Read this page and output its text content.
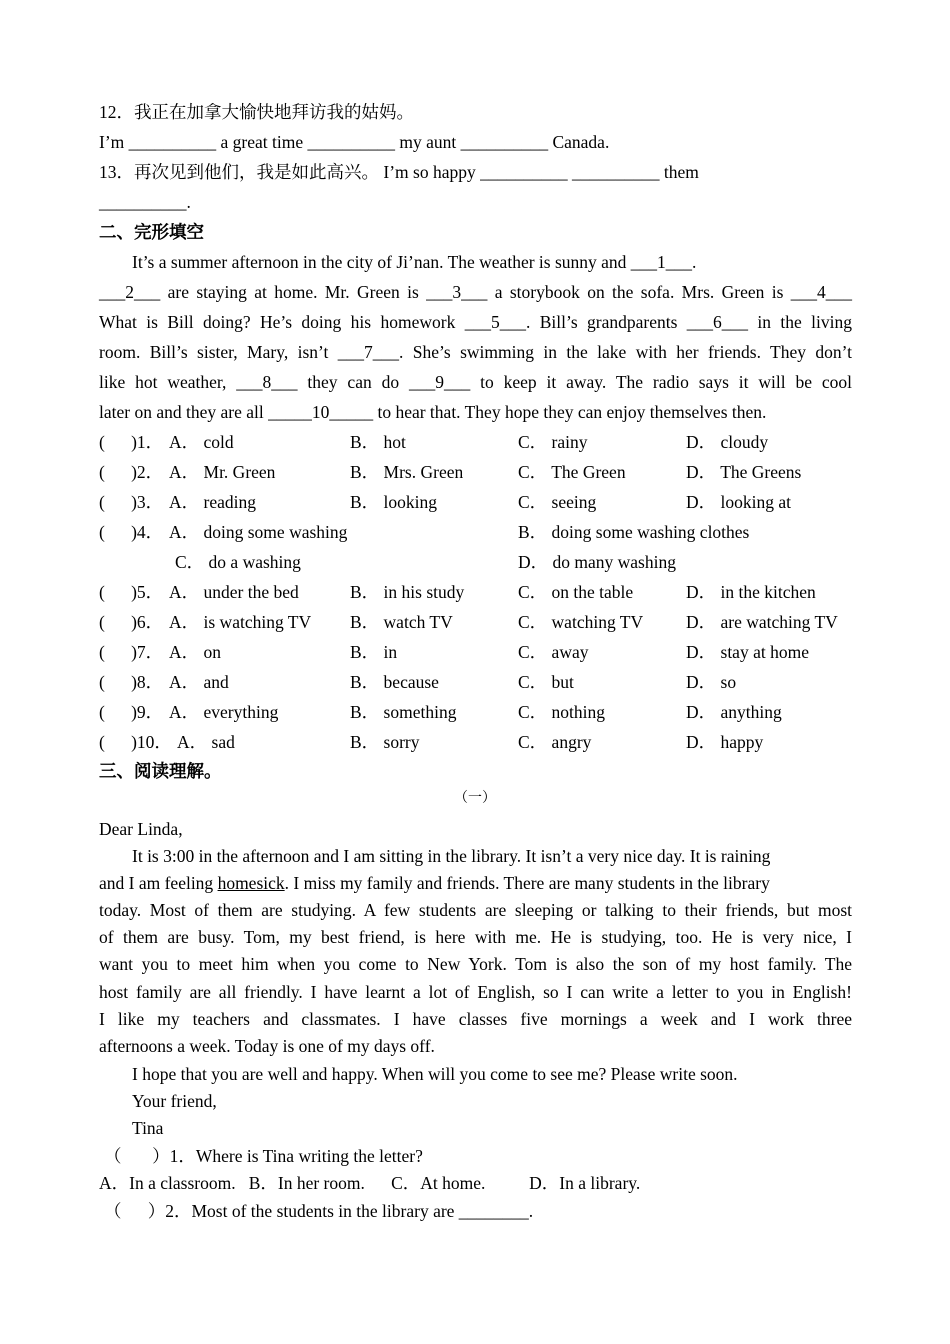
12．我正在加拿大愉快地拜访我的姑妈。
I’m __________ a great time __________ my aunt __________ Canada.
13．再次见到他们，我是如此高兴。 I’m so happy __________ __________ them
__________.
二、完形填空
It’s a summer afternoon in the city of Ji’nan. The weather is sunny and ___1___.
___2___ are staying at home. Mr. Green is ___3___ a storybook on the sofa. Mrs. Green is ___4___
What is Bill doing? He’s doing his homework ___5___. Bill’s grandparents ___6___ in the living
room. Bill’s sister, Mary, isn’t ___7___. She’s swimming in the lake with her friends. They don’t
like hot weather, ___8___ they can do ___9___ to keep it away. The radio says it will be cool
later on and they are all _____10_____ to hear that. They hope they can enjoy themselves then.
(      )1． A． cold	B． hot	C． rainy	D． cloudy
(      )2． A． Mr. Green	B． Mrs. Green	C． The Green	D． The Greens
(      )3． A． reading	B． looking	C． seeing	D． looking at
(      )4． A． doing some washing	B． doing some washing clothes
C． do a washing	D． do many washing
(      )5． A． under the bed	B． in his study	C． on the table	D． in the kitchen
(      )6． A． is watching TV B． watch TV	C． watching TV D． are watching TV
(      )7． A． on	B． in	C． away	D． stay at home
(      )8． A． and	B． because	C． but	D． so
(      )9． A． everything	B． something	C． nothing	D． anything
(      )10． A． sad	B． sorry	C． angry	D． happy
三、阅读理解。
（一）
Dear Linda,
It is 3:00 in the afternoon and I am sitting in the library. It isn’t a very nice day. It is raining
and I am feeling homesick. I miss my family and friends. There are many students in the library
today. Most of them are studying. A few students are sleeping or talking to their friends, but most
of them are busy. Tom, my best friend, is here with me. He is studying, too. He is very nice, I
want you to meet him when you come to New York. Tom is also the son of my host family. The
host family are all friendly. I have learnt a lot of English, so I can write a letter to you in English!
I like my teachers and classmates. I have classes five mornings a week and I work three
afternoons a week. Today is one of my days off.
I hope that you are well and happy. When will you come to see me? Please write soon.
Your friend,
Tina
（       ）1．Where is Tina writing the letter?
A．In a classroom.   B．In her room.      C．At home.          D．In a library.
（      ）2．Most of the students in the library are ________.
